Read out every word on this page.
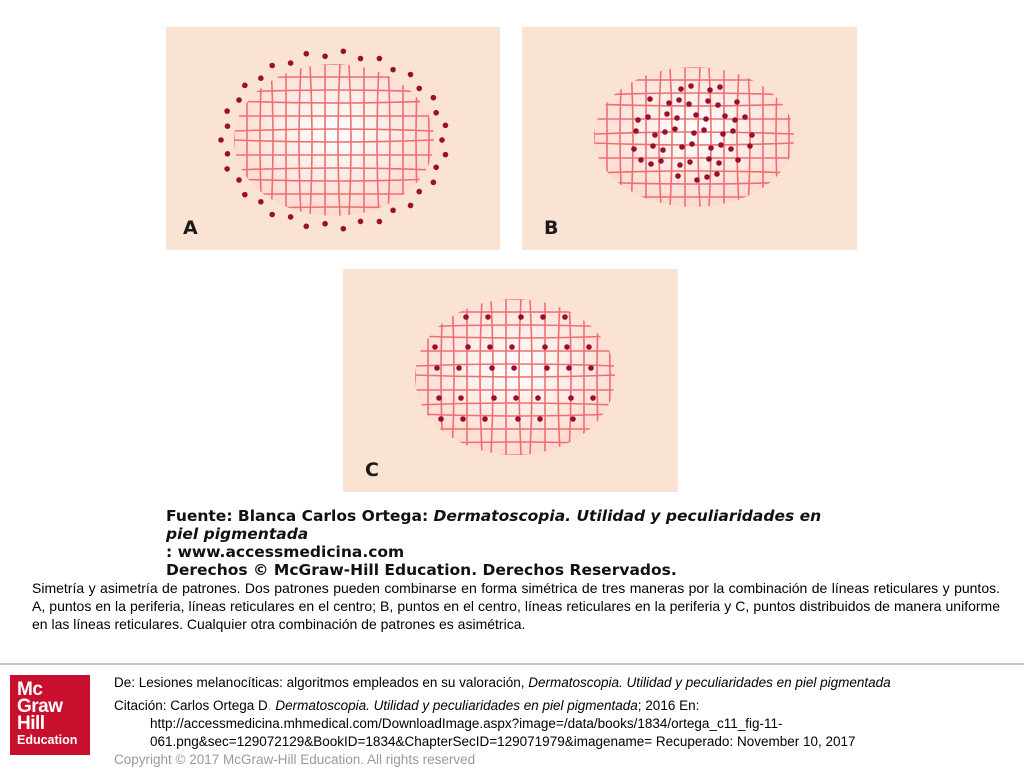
A	B
C
Fuente: Blanca Carlos Ortega: Dermatoscopia. Utilidad y peculiaridades en piel pigmentada
: www.accessmedicina.com
Derechos © McGraw-Hill Education. Derechos Reservados.
Simetría y asimetría de patrones. Dos patrones pueden combinarse en forma simétrica de tres maneras por la combinación de líneas reticulares y puntos. A, puntos en la periferia, líneas reticulares en el centro; B, puntos en el centro, líneas reticulares en la periferia y C, puntos distribuidos de manera uniforme en las líneas reticulares. Cualquier otra combinación de patrones es asimétrica.
Mc
Graw
Hill
Education
De: Lesiones melanocíticas: algoritmos empleados en su valoración, Dermatoscopia. Utilidad y peculiaridades en piel pigmentada
Citación: Carlos Ortega D. Dermatoscopia. Utilidad y peculiaridades en piel pigmentada; 2016 En:
http://accessmedicina.mhmedical.com/DownloadImage.aspx?image=/data/books/1834/ortega_c11_fig-11-
061.png&sec=129072129&BookID=1834&ChapterSecID=129071979&imagename= Recuperado: November 10, 2017
Copyright © 2017 McGraw-Hill Education. All rights reserved
